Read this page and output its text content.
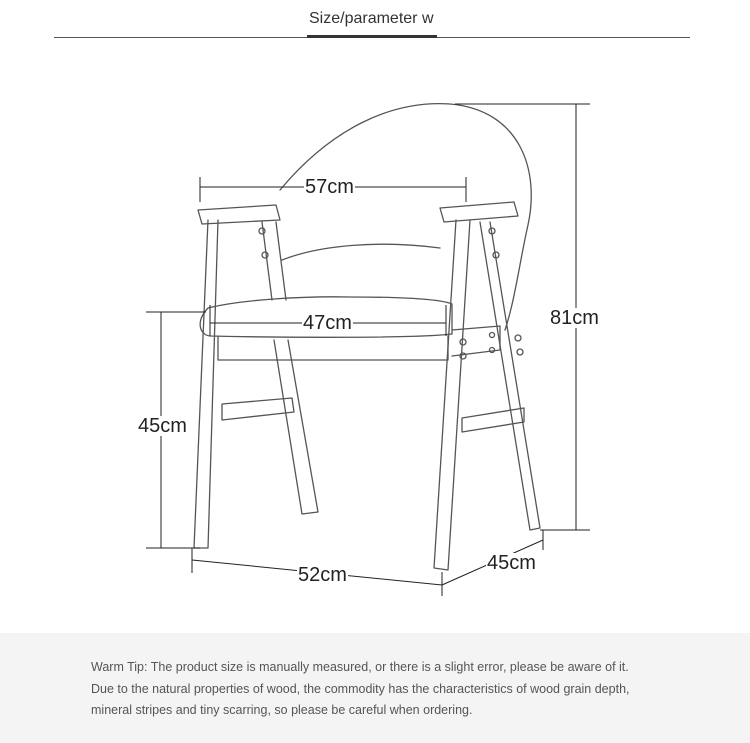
Size/parameter w
57cm
47cm	81cm
45cm
52cm
45cm
Warm Tip: The product size is manually measured, or there is a slight error, please be aware of it. Due to the natural properties of wood, the commodity has the characteristics of wood grain depth, mineral stripes and tiny scarring, so please be careful when ordering.
